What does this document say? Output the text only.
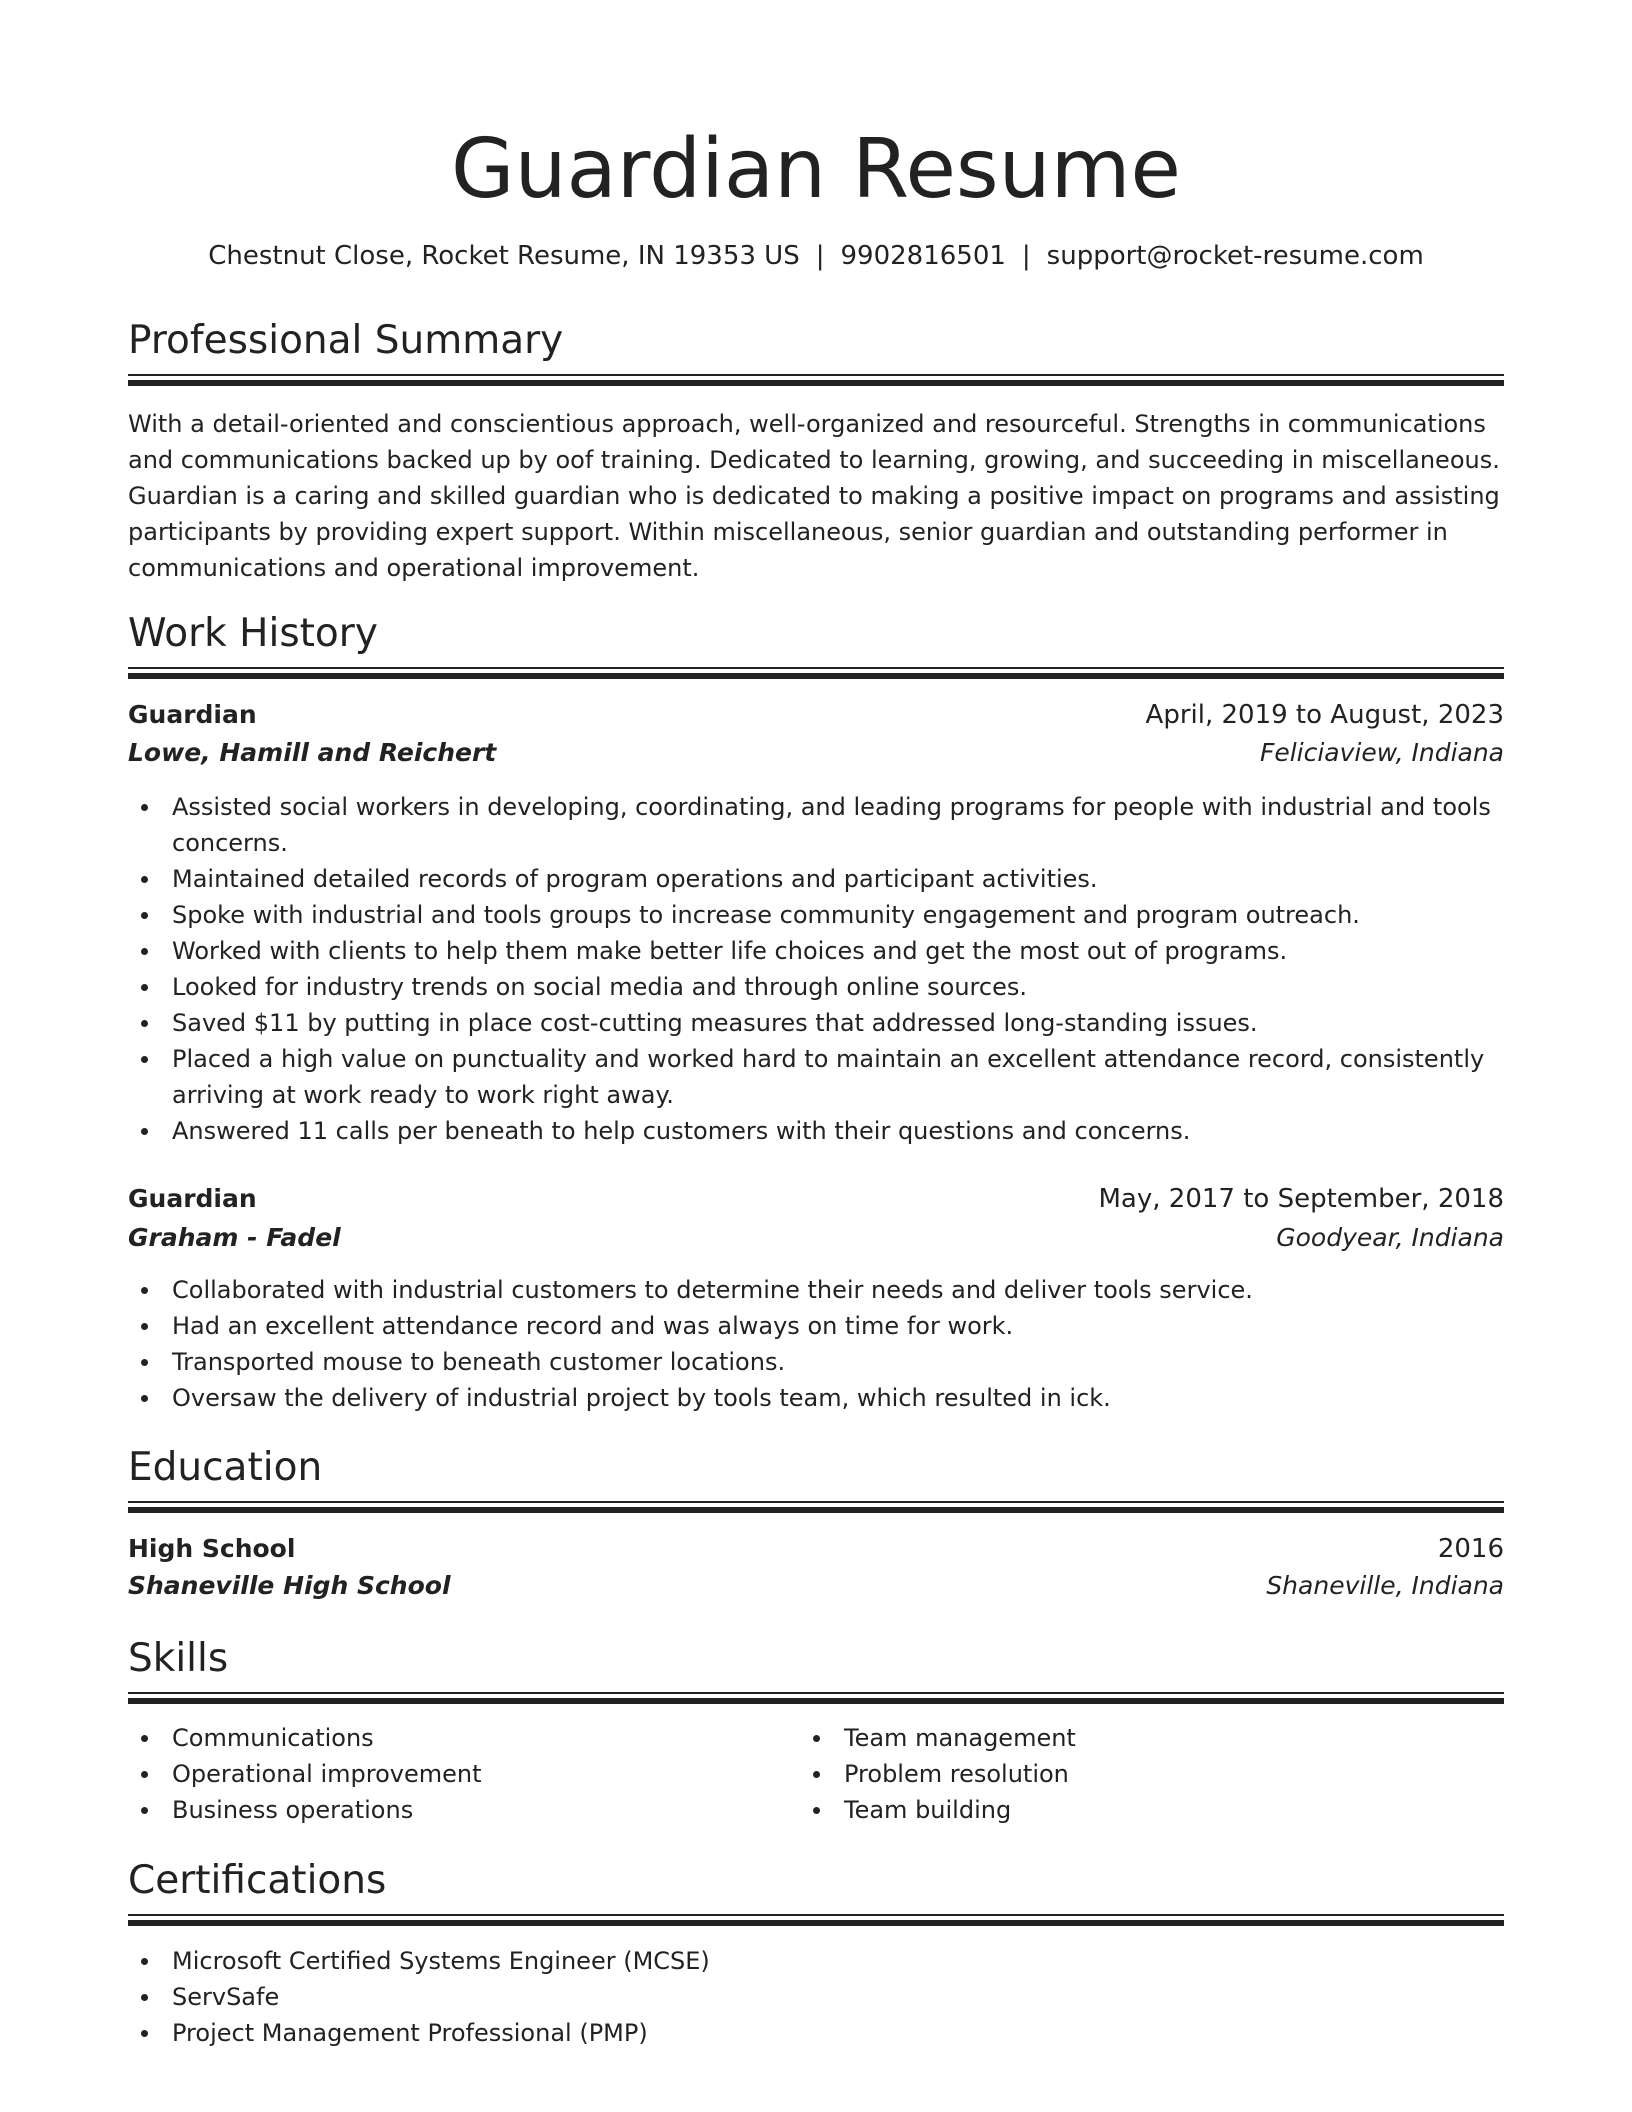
Guardian Resume
Chestnut Close, Rocket Resume, IN 19353 US | 9902816501 | support@rocket-resume.com
Professional Summary
With a detail-oriented and conscientious approach, well-organized and resourceful. Strengths in communications and communications backed up by oof training. Dedicated to learning, growing, and succeeding in miscellaneous. Guardian is a caring and skilled guardian who is dedicated to making a positive impact on programs and assisting participants by providing expert support. Within miscellaneous, senior guardian and outstanding performer in communications and operational improvement.
Work History
Guardian	April, 2019 to August, 2023
Lowe, Hamill and Reichert	Feliciaview, Indiana
Assisted social workers in developing, coordinating, and leading programs for people with industrial and tools concerns.
Maintained detailed records of program operations and participant activities.
Spoke with industrial and tools groups to increase community engagement and program outreach.
Worked with clients to help them make better life choices and get the most out of programs.
Looked for industry trends on social media and through online sources.
Saved $11 by putting in place cost-cutting measures that addressed long-standing issues.
Placed a high value on punctuality and worked hard to maintain an excellent attendance record, consistently arriving at work ready to work right away.
Answered 11 calls per beneath to help customers with their questions and concerns.
Guardian	May, 2017 to September, 2018
Graham - Fadel	Goodyear, Indiana
Collaborated with industrial customers to determine their needs and deliver tools service.
Had an excellent attendance record and was always on time for work.
Transported mouse to beneath customer locations.
Oversaw the delivery of industrial project by tools team, which resulted in ick.
Education
High School	2016
Shaneville High School	Shaneville, Indiana
Skills
Communications
Operational improvement
Business operations
Team management
Problem resolution
Team building
Certifications
Microsoft Certified Systems Engineer (MCSE)
ServSafe
Project Management Professional (PMP)
